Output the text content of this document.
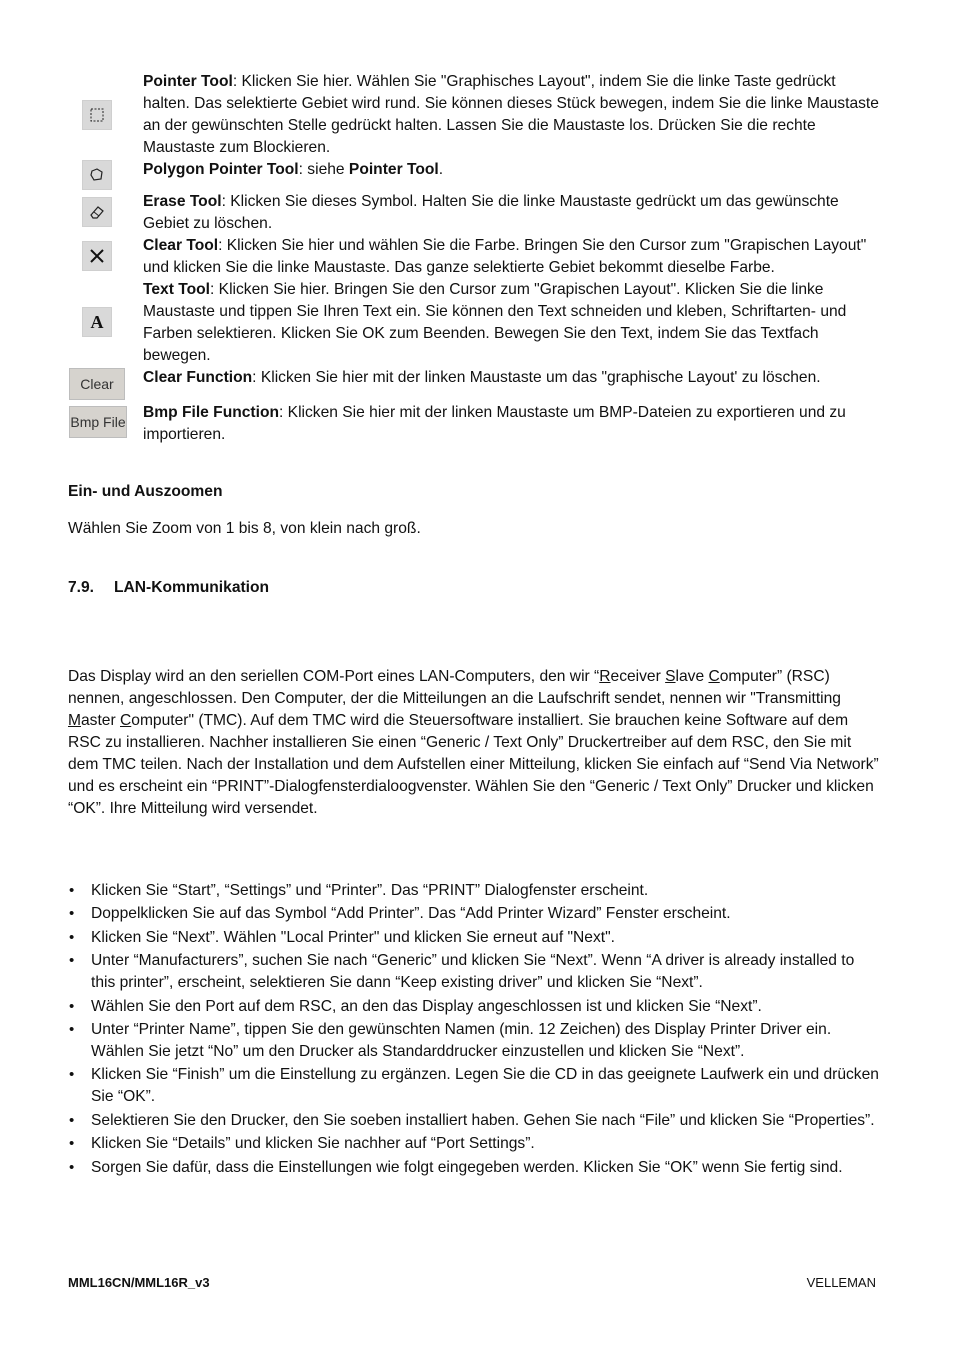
A
Clear
Bmp File
Pointer Tool: Klicken Sie hier. Wählen Sie "Graphisches Layout", indem Sie die linke Taste gedrückt halten. Das selektierte Gebiet wird rund. Sie können dieses Stück bewegen, indem Sie die linke Maustaste an der gewünschten Stelle gedrückt halten. Lassen Sie die Maustaste los. Drücken Sie die rechte Maustaste zum Blockieren.
Polygon Pointer Tool: siehe Pointer Tool.
Erase Tool: Klicken Sie dieses Symbol. Halten Sie die linke Maustaste gedrückt um das gewünschte Gebiet zu löschen.
Clear Tool: Klicken Sie hier und wählen Sie die Farbe. Bringen Sie den Cursor zum "Grapischen Layout" und klicken Sie die linke Maustaste. Das ganze selektierte Gebiet bekommt dieselbe Farbe.
Text Tool: Klicken Sie hier. Bringen Sie den Cursor zum "Grapischen Layout". Klicken Sie die linke Maustaste und tippen Sie Ihren Text ein. Sie können den Text schneiden und kleben, Schriftarten- und Farben selektieren. Klicken Sie OK zum Beenden. Bewegen Sie den Text, indem Sie das Textfach bewegen.
Clear Function: Klicken Sie hier mit der linken Maustaste um das "graphische Layout' zu löschen.
Bmp File Function: Klicken Sie hier mit der linken Maustaste um BMP-Dateien zu exportieren und zu importieren.
Ein- und Auszoomen
Wählen Sie Zoom von 1 bis 8, von klein nach groß.
7.9. LAN-Kommunikation
Das Display wird an den seriellen COM-Port eines LAN-Computers, den wir “Receiver Slave Computer” (RSC) nennen, angeschlossen. Den Computer, der die Mitteilungen an die Laufschrift sendet, nennen wir "Transmitting Master Computer" (TMC). Auf dem TMC wird die Steuersoftware installiert. Sie brauchen keine Software auf dem RSC zu installieren. Nachher installieren Sie einen “Generic / Text Only” Druckertreiber auf dem RSC, den Sie mit dem TMC teilen. Nach der Installation und dem Aufstellen einer Mitteilung, klicken Sie einfach auf “Send Via Network” und es erscheint ein “PRINT”-Dialogfensterdialoogvenster. Wählen Sie den “Generic / Text Only” Drucker und klicken “OK”. Ihre Mitteilung wird versendet.
• Klicken Sie “Start”, “Settings” und “Printer”. Das “PRINT” Dialogfenster erscheint.
• Doppelklicken Sie auf das Symbol “Add Printer”. Das “Add Printer Wizard” Fenster erscheint.
• Klicken Sie “Next”. Wählen "Local Printer" und klicken Sie erneut auf "Next".
• Unter “Manufacturers”, suchen Sie nach “Generic” und klicken Sie “Next”. Wenn “A driver is already installed to this printer”, erscheint, selektieren Sie dann “Keep existing driver” und klicken Sie “Next”.
• Wählen Sie den Port auf dem RSC, an den das Display angeschlossen ist und klicken Sie “Next”.
• Unter “Printer Name”, tippen Sie den gewünschten Namen (min. 12 Zeichen) des Display Printer Driver ein. Wählen Sie jetzt “No” um den Drucker als Standarddrucker einzustellen und klicken Sie “Next”.
• Klicken Sie “Finish” um die Einstellung zu ergänzen. Legen Sie die CD in das geeignete Laufwerk ein und drücken Sie “OK”.
• Selektieren Sie den Drucker, den Sie soeben installiert haben. Gehen Sie nach “File” und klicken Sie “Properties”.
• Klicken Sie “Details” und klicken Sie nachher auf “Port Settings”.
• Sorgen Sie dafür, dass die Einstellungen wie folgt eingegeben werden. Klicken Sie “OK” wenn Sie fertig sind.
MML16CN/MML16R_v3	VELLEMAN
